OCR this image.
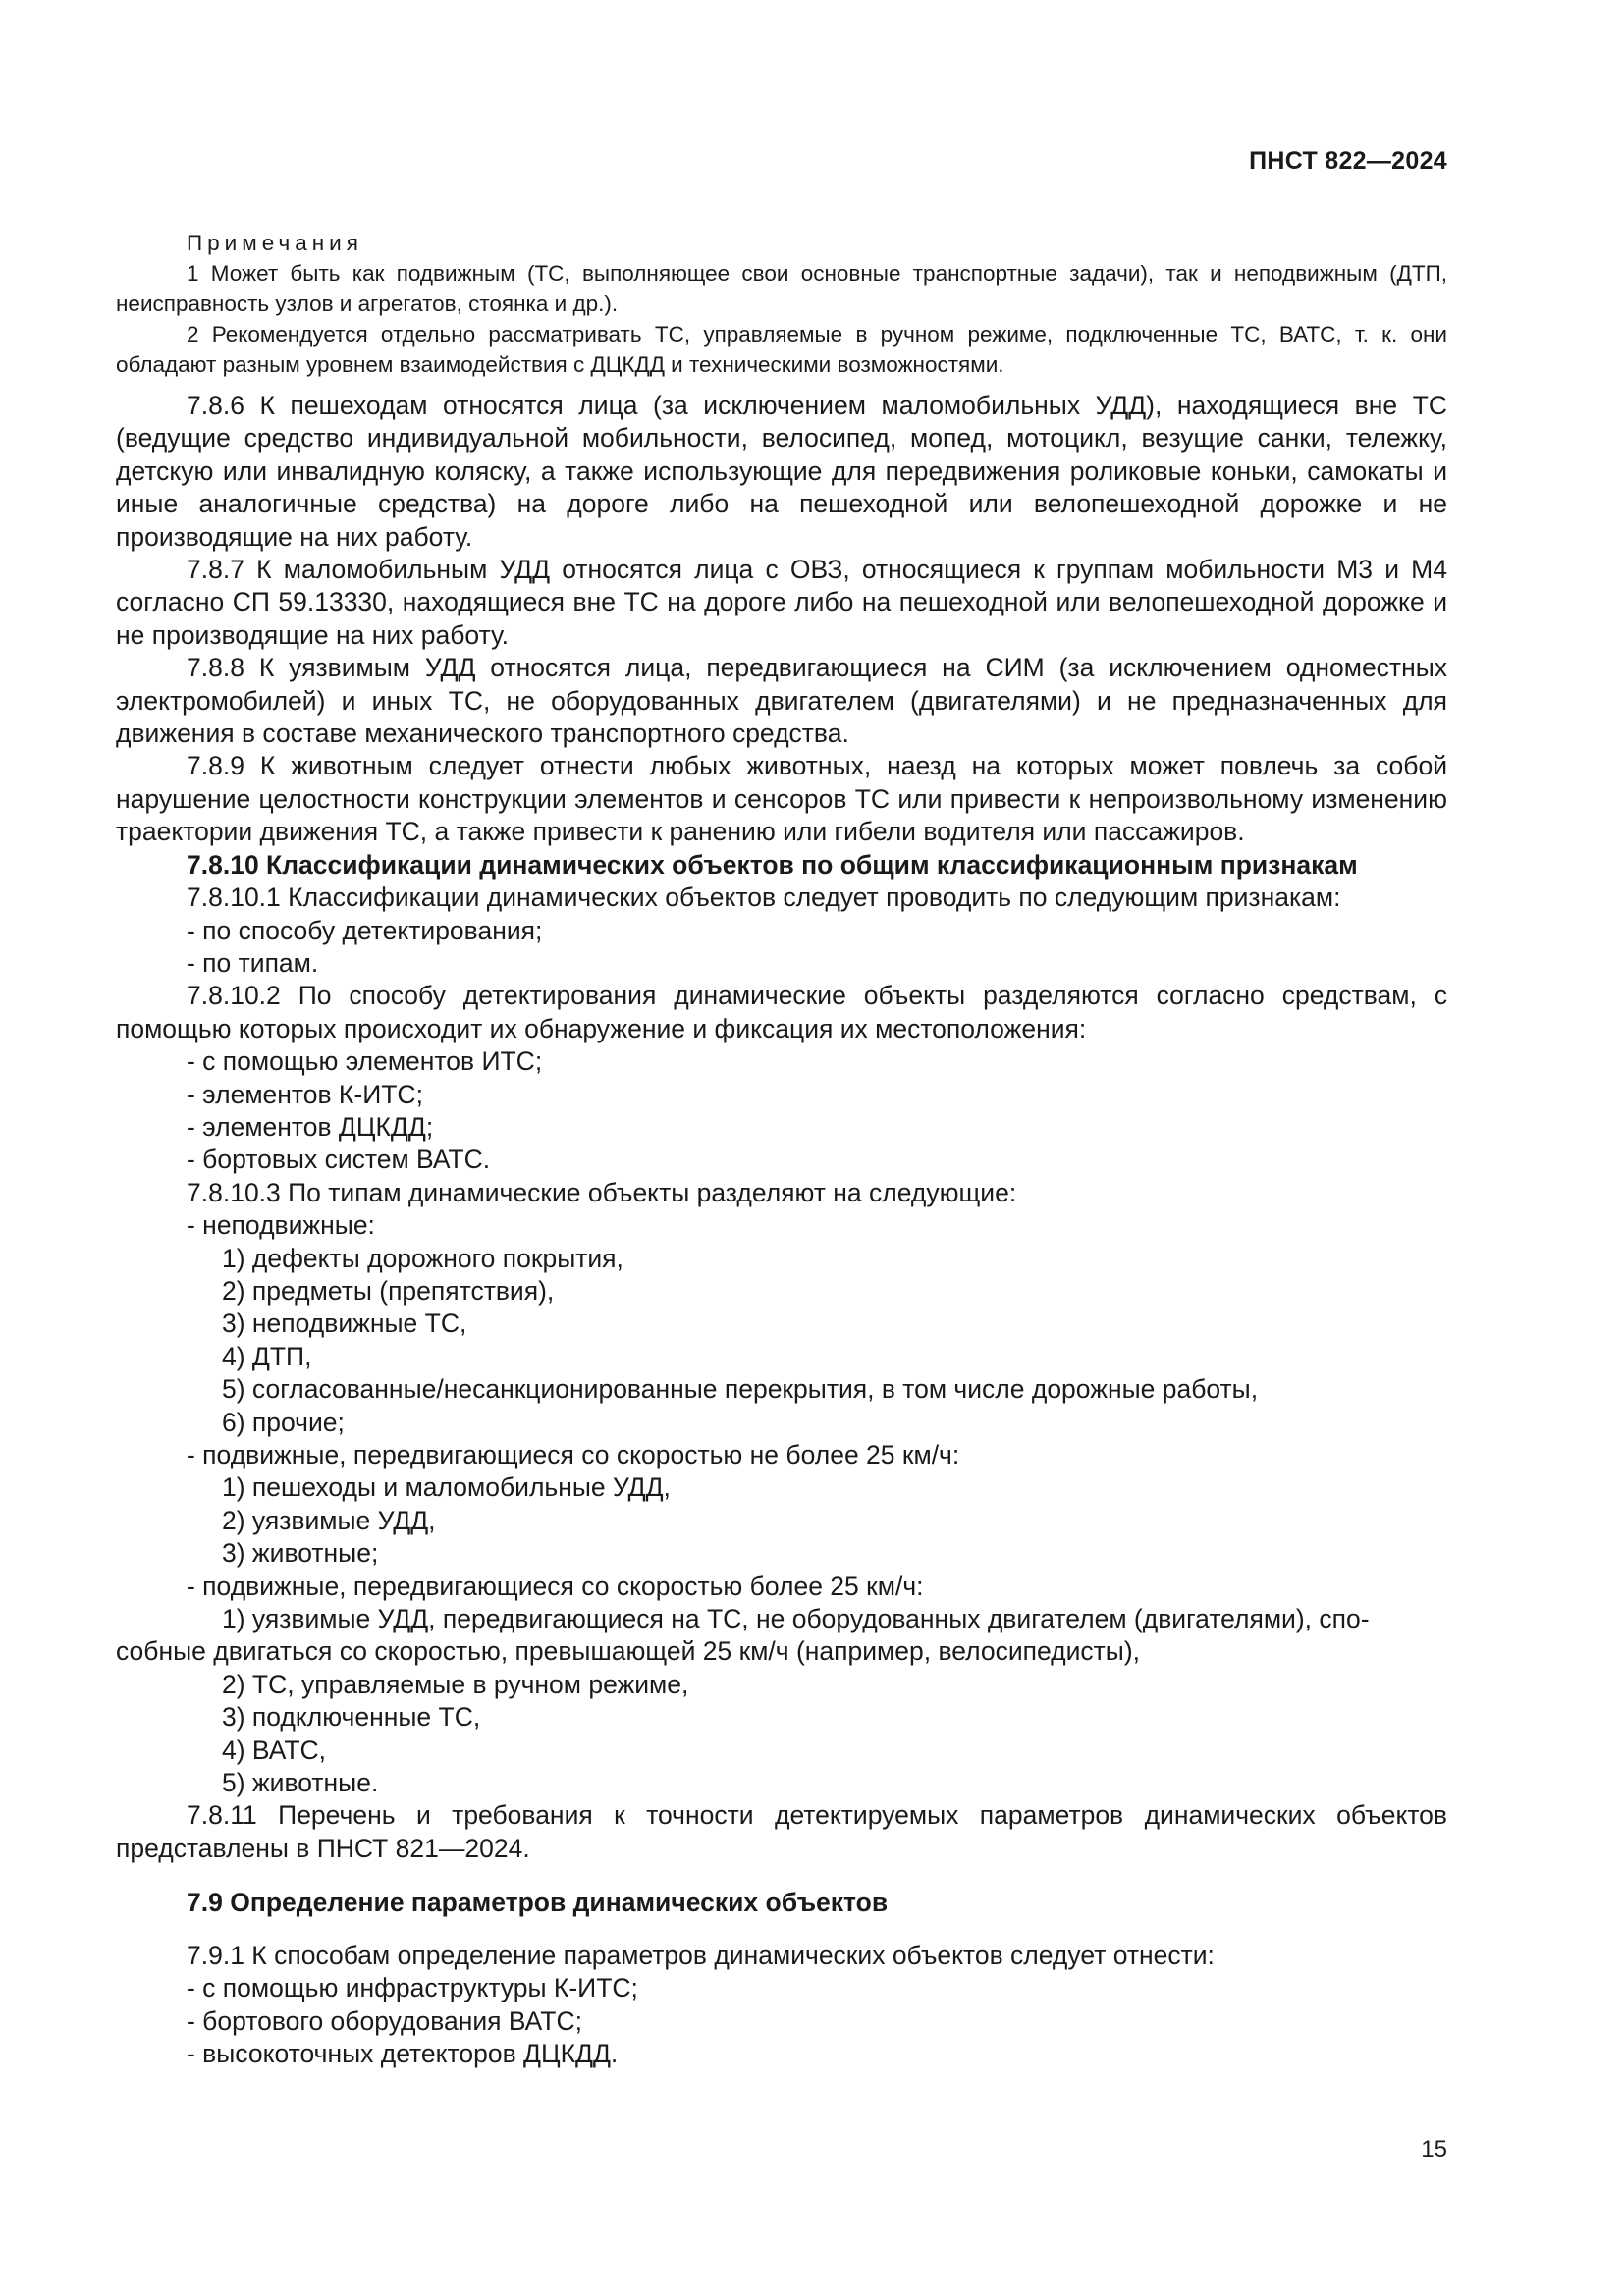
ПНСТ 822—2024
Примечания
1 Может быть как подвижным (ТС, выполняющее свои основные транспортные задачи), так и неподвижным (ДТП, неисправность узлов и агрегатов, стоянка и др.).
2 Рекомендуется отдельно рассматривать ТС, управляемые в ручном режиме, подключенные ТС, ВАТС, т. к. они обладают разным уровнем взаимодействия с ДЦКДД и техническими возможностями.
7.8.6 К пешеходам относятся лица (за исключением маломобильных УДД), находящиеся вне ТС (ведущие средство индивидуальной мобильности, велосипед, мопед, мотоцикл, везущие санки, тележку, детскую или инвалидную коляску, а также использующие для передвижения роликовые коньки, самокаты и иные аналогичные средства) на дороге либо на пешеходной или велопешеходной дорожке и не производящие на них работу.
7.8.7 К маломобильным УДД относятся лица с ОВЗ, относящиеся к группам мобильности М3 и М4 согласно СП 59.13330, находящиеся вне ТС на дороге либо на пешеходной или велопешеходной дорожке и не производящие на них работу.
7.8.8 К уязвимым УДД относятся лица, передвигающиеся на СИМ (за исключением одноместных электромобилей) и иных ТС, не оборудованных двигателем (двигателями) и не предназначенных для движения в составе механического транспортного средства.
7.8.9 К животным следует отнести любых животных, наезд на которых может повлечь за собой нарушение целостности конструкции элементов и сенсоров ТС или привести к непроизвольному изменению траектории движения ТС, а также привести к ранению или гибели водителя или пассажиров.
7.8.10 Классификации динамических объектов по общим классификационным признакам
7.8.10.1 Классификации динамических объектов следует проводить по следующим признакам:
- по способу детектирования;
- по типам.
7.8.10.2 По способу детектирования динамические объекты разделяются согласно средствам, с помощью которых происходит их обнаружение и фиксация их местоположения:
- с помощью элементов ИТС;
- элементов К-ИТС;
- элементов ДЦКДД;
- бортовых систем ВАТС.
7.8.10.3 По типам динамические объекты разделяют на следующие:
- неподвижные:
1) дефекты дорожного покрытия,
2) предметы (препятствия),
3) неподвижные ТС,
4) ДТП,
5) согласованные/несанкционированные перекрытия, в том числе дорожные работы,
6) прочие;
- подвижные, передвигающиеся со скоростью не более 25 км/ч:
1) пешеходы и маломобильные УДД,
2) уязвимые УДД,
3) животные;
- подвижные, передвигающиеся со скоростью более 25 км/ч:
1) уязвимые УДД, передвигающиеся на ТС, не оборудованных двигателем (двигателями), спо-
собные двигаться со скоростью, превышающей 25 км/ч (например, велосипедисты),
2) ТС, управляемые в ручном режиме,
3) подключенные ТС,
4) ВАТС,
5) животные.
7.8.11 Перечень и требования к точности детектируемых параметров динамических объектов представлены в ПНСТ 821—2024.
7.9 Определение параметров динамических объектов
7.9.1 К способам определение параметров динамических объектов следует отнести:
- с помощью инфраструктуры К-ИТС;
- бортового оборудования ВАТС;
- высокоточных детекторов ДЦКДД.
15
